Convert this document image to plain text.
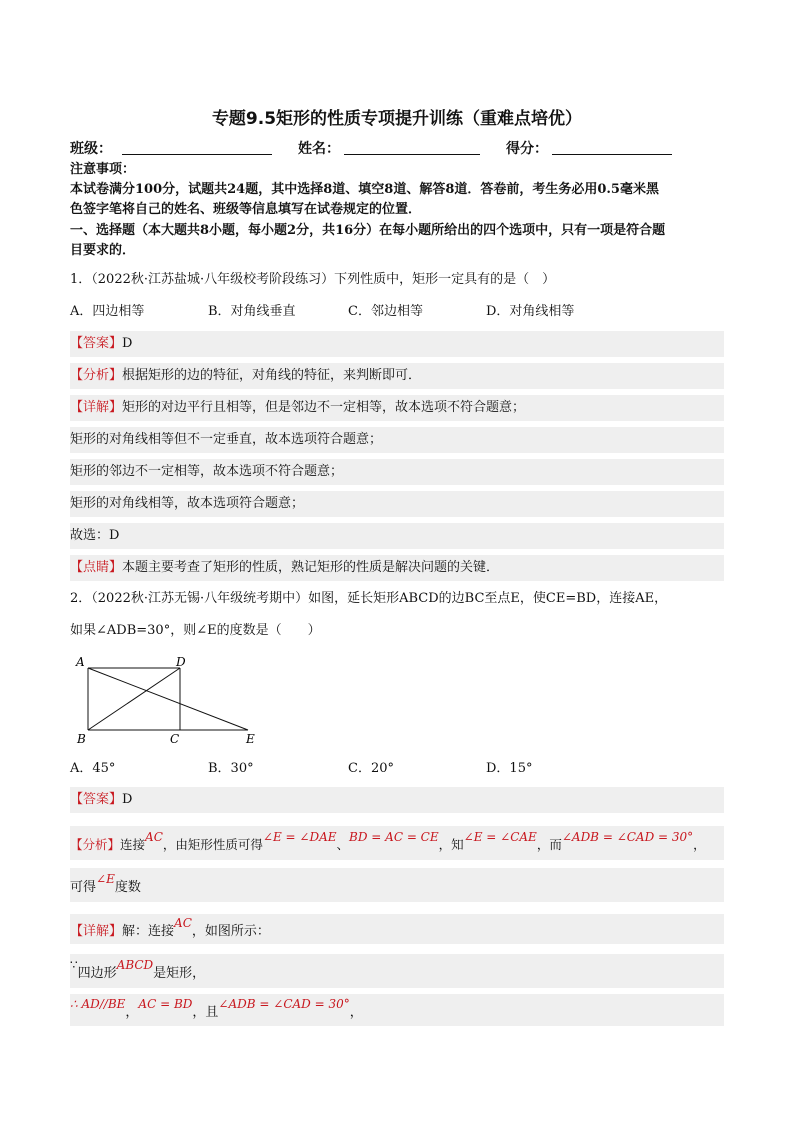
专题9.5矩形的性质专项提升训练（重难点培优）
班级：	姓名：	得分：
注意事项：
本试卷满分100分，试题共24题，其中选择8道、填空8道、解答8道．答卷前，考生务必用0.5毫米黑
色签字笔将自己的姓名、班级等信息填写在试卷规定的位置．
一、选择题（本大题共8小题，每小题2分，共16分）在每小题所给出的四个选项中，只有一项是符合题
目要求的．
1．（2022秋·江苏盐城·八年级校考阶段练习）下列性质中，矩形一定具有的是（　）
A．四边相等	B．对角线垂直	C．邻边相等	D．对角线相等
【答案】D
【分析】根据矩形的边的特征，对角线的特征，来判断即可．
【详解】矩形的对边平行且相等，但是邻边不一定相等，故本选项不符合题意；
矩形的对角线相等但不一定垂直，故本选项符合题意；
矩形的邻边不一定相等，故本选项不符合题意；
矩形的对角线相等，故本选项符合题意；
故选：D
【点睛】本题主要考查了矩形的性质，熟记矩形的性质是解决问题的关键．
2．（2022秋·江苏无锡·八年级统考期中）如图，延长矩形ABCD的边BC至点E，使CE=BD，连接AE，
如果∠ADB=30°，则∠E的度数是（　　）
A	D
B	C	E
A．45°	B．30°	C．20°	D．15°
【答案】D
【分析】连接AC，由矩形性质可得∠E = ∠DAE、BD = AC = CE，知∠E = ∠CAE，而∠ADB = ∠CAD = 30°，
可得∠E度数
【详解】解：连接AC，如图所示：
∵四边形ABCD是矩形，
∴ AD//BE，AC = BD，且∠ADB = ∠CAD = 30°，
